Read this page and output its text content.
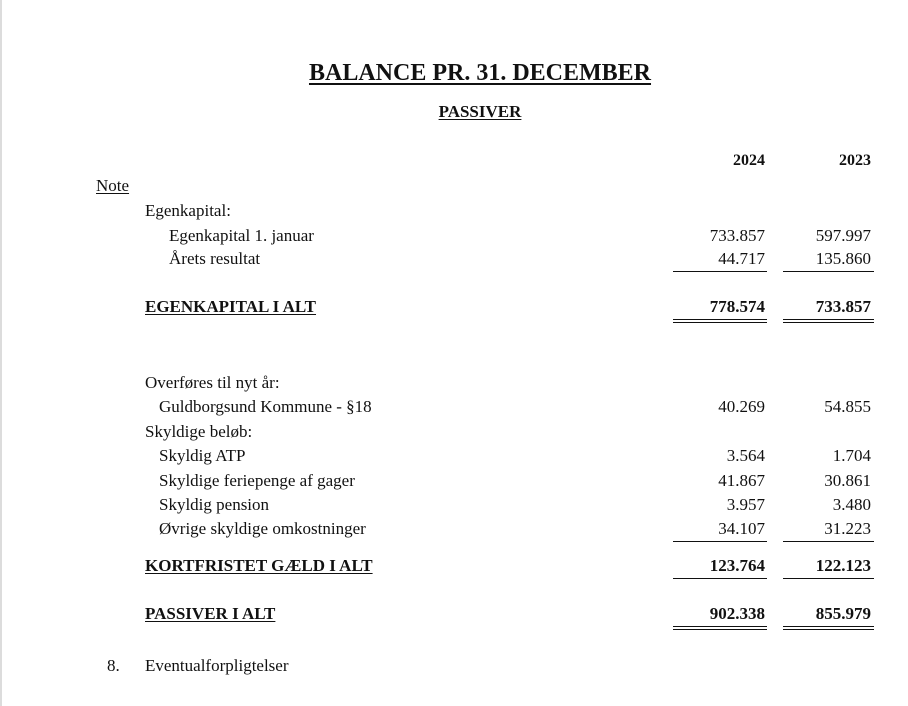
BALANCE PR. 31. DECEMBER
PASSIVER
2024	2023
Note
Egenkapital:
Egenkapital 1. januar	733.857	597.997
Årets resultat	44.717	135.860
EGENKAPITAL I ALT	778.574	733.857
Overføres til nyt år:
Guldborgsund Kommune - §18	40.269	54.855
Skyldige beløb:
Skyldig ATP	3.564	1.704
Skyldige feriepenge af gager	41.867	30.861
Skyldig pension	3.957	3.480
Øvrige skyldige omkostninger	34.107	31.223
KORTFRISTET GÆLD I ALT	123.764	122.123
PASSIVER I ALT	902.338	855.979
8. Eventualforpligtelser
